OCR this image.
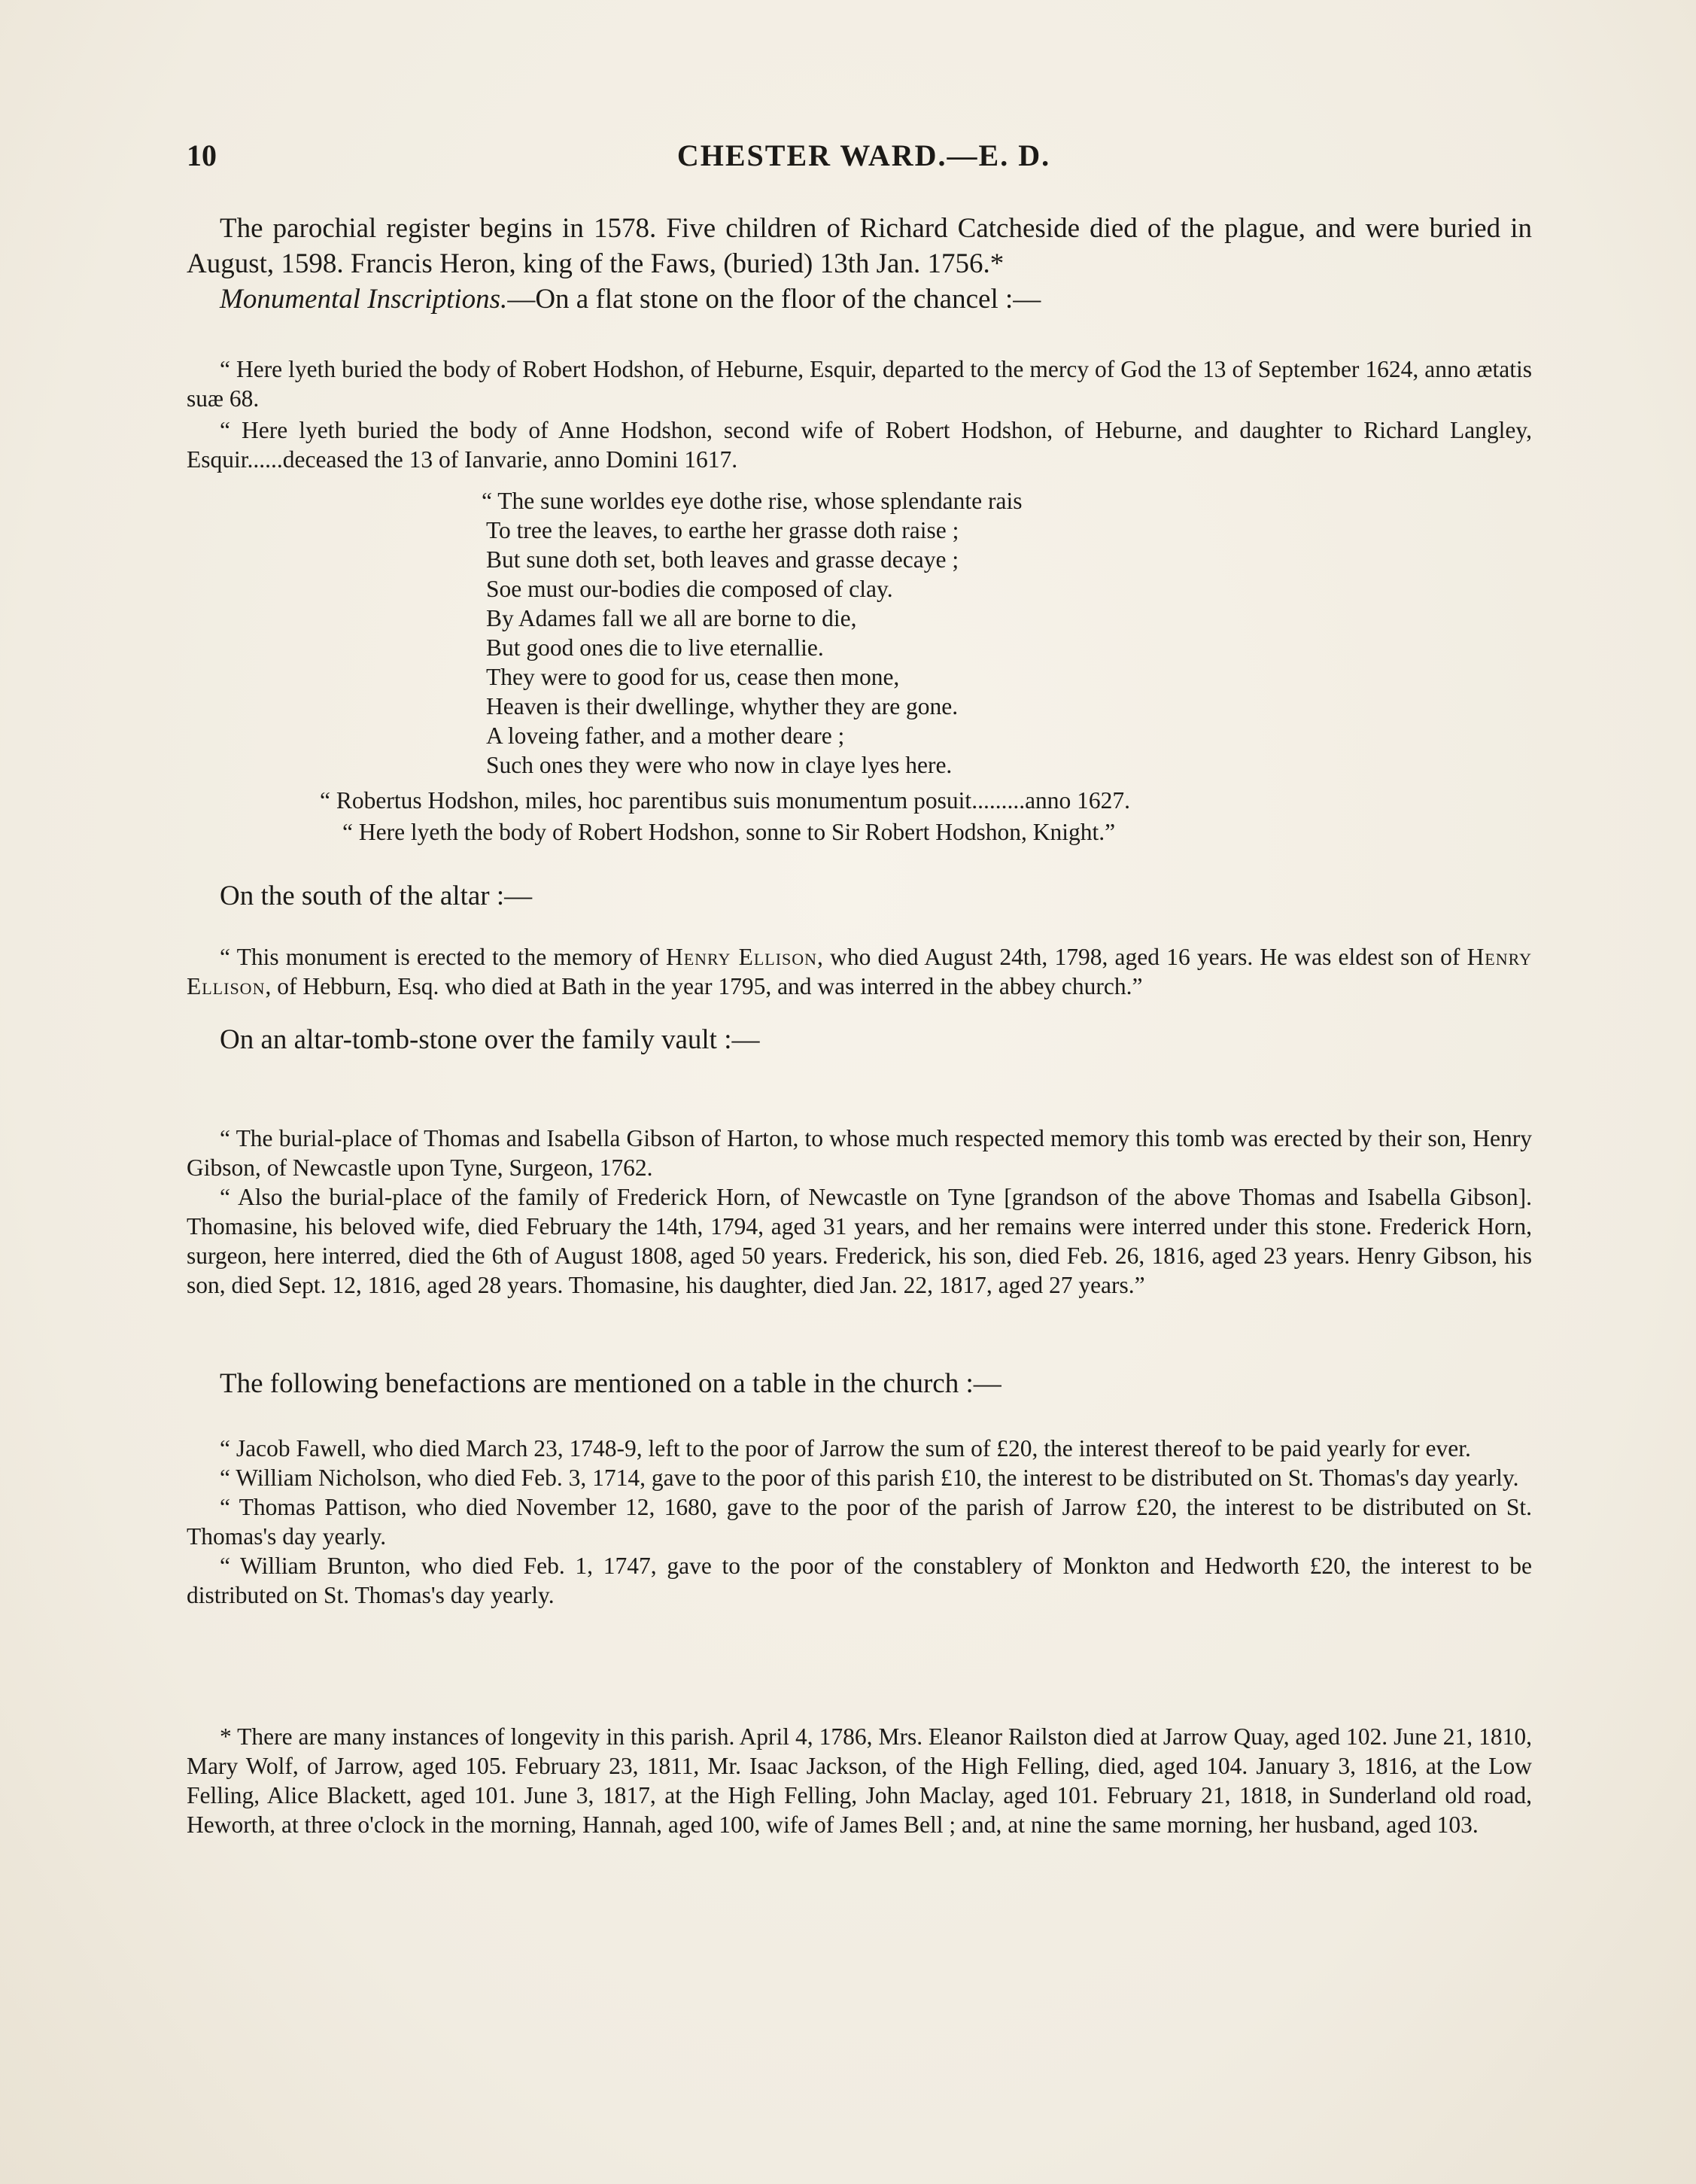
10	CHESTER WARD.—E. D.

The parochial register begins in 1578. Five children of Richard Catcheside died of the plague, and were buried in August, 1598. Francis Heron, king of the Faws, (buried) 13th Jan. 1756.*

Monumental Inscriptions.—On a flat stone on the floor of the chancel :—

“ Here lyeth buried the body of Robert Hodshon, of Heburne, Esquir, departed to the mercy of God the 13 of September 1624, anno ætatis suæ 68.

“ Here lyeth buried the body of Anne Hodshon, second wife of Robert Hodshon, of Heburne, and daughter to Richard Langley, Esquir......deceased the 13 of Ianvarie, anno Domini 1617.

“ The sune worldes eye dothe rise, whose splendante rais
To tree the leaves, to earthe her grasse doth raise ;
But sune doth set, both leaves and grasse decaye ;
Soe must our-bodies die composed of clay.
By Adames fall we all are borne to die,
But good ones die to live eternallie.
They were to good for us, cease then mone,
Heaven is their dwellinge, whyther they are gone.
A loveing father, and a mother deare ;
Such ones they were who now in claye lyes here.
“ Robertus Hodshon, miles, hoc parentibus suis monumentum posuit.........anno 1627.
“ Here lyeth the body of Robert Hodshon, sonne to Sir Robert Hodshon, Knight.”

On the south of the altar :—

“ This monument is erected to the memory of Henry Ellison, who died August 24th, 1798, aged 16 years. He was eldest son of Henry Ellison, of Hebburn, Esq. who died at Bath in the year 1795, and was interred in the abbey church.”

On an altar-tomb-stone over the family vault :—

“ The burial-place of Thomas and Isabella Gibson of Harton, to whose much respected memory this tomb was erected by their son, Henry Gibson, of Newcastle upon Tyne, Surgeon, 1762.

“ Also the burial-place of the family of Frederick Horn, of Newcastle on Tyne [grandson of the above Thomas and Isabella Gibson]. Thomasine, his beloved wife, died February the 14th, 1794, aged 31 years, and her remains were interred under this stone. Frederick Horn, surgeon, here interred, died the 6th of August 1808, aged 50 years. Frederick, his son, died Feb. 26, 1816, aged 23 years. Henry Gibson, his son, died Sept. 12, 1816, aged 28 years. Thomasine, his daughter, died Jan. 22, 1817, aged 27 years.”

The following benefactions are mentioned on a table in the church :—

“ Jacob Fawell, who died March 23, 1748-9, left to the poor of Jarrow the sum of £20, the interest thereof to be paid yearly for ever.

“ William Nicholson, who died Feb. 3, 1714, gave to the poor of this parish £10, the interest to be distributed on St. Thomas's day yearly.

“ Thomas Pattison, who died November 12, 1680, gave to the poor of the parish of Jarrow £20, the interest to be distributed on St. Thomas's day yearly.

“ William Brunton, who died Feb. 1, 1747, gave to the poor of the constablery of Monkton and Hedworth £20, the interest to be distributed on St. Thomas's day yearly.

* There are many instances of longevity in this parish. April 4, 1786, Mrs. Eleanor Railston died at Jarrow Quay, aged 102. June 21, 1810, Mary Wolf, of Jarrow, aged 105. February 23, 1811, Mr. Isaac Jackson, of the High Felling, died, aged 104. January 3, 1816, at the Low Felling, Alice Blackett, aged 101. June 3, 1817, at the High Felling, John Maclay, aged 101. February 21, 1818, in Sunderland old road, Heworth, at three o'clock in the morning, Hannah, aged 100, wife of James Bell ; and, at nine the same morning, her husband, aged 103.
